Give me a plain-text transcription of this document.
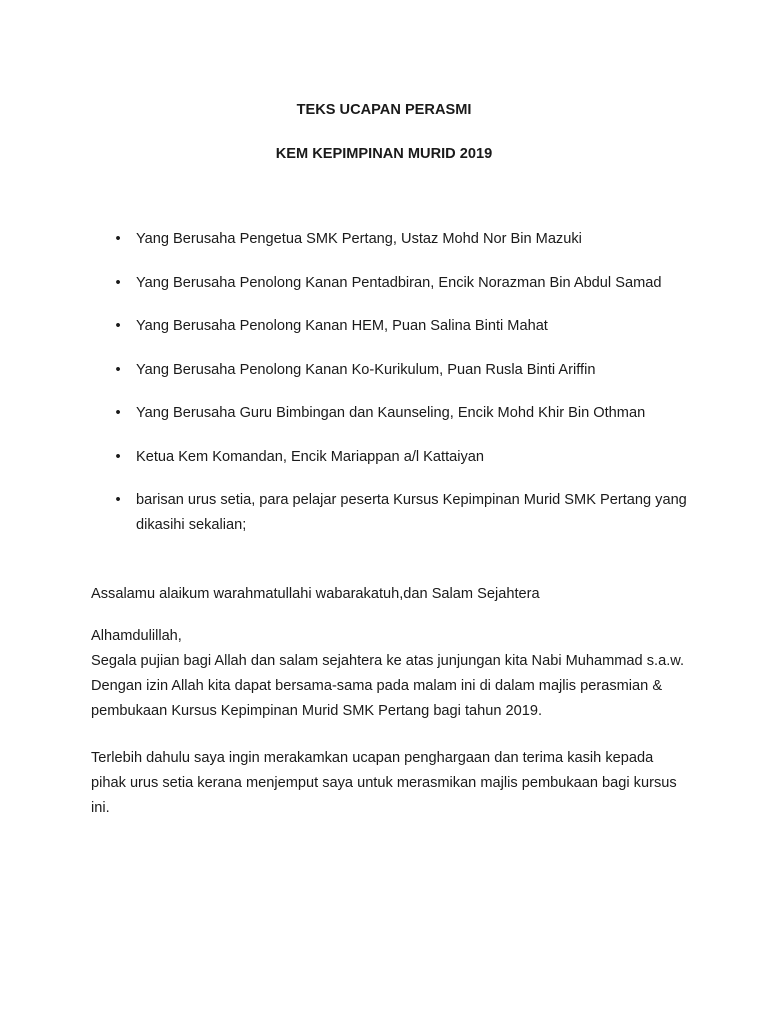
TEKS UCAPAN PERASMI
KEM KEPIMPINAN MURID 2019
• Yang Berusaha Pengetua SMK Pertang, Ustaz Mohd Nor Bin Mazuki
• Yang Berusaha Penolong Kanan Pentadbiran, Encik Norazman Bin Abdul Samad
• Yang Berusaha Penolong Kanan HEM, Puan Salina Binti Mahat
• Yang Berusaha Penolong Kanan Ko-Kurikulum, Puan Rusla Binti Ariffin
• Yang Berusaha Guru Bimbingan dan Kaunseling, Encik Mohd Khir Bin Othman
• Ketua Kem Komandan, Encik Mariappan a/l Kattaiyan
• barisan urus setia, para pelajar peserta Kursus Kepimpinan Murid SMK Pertang yang dikasihi sekalian;

Assalamu alaikum warahmatullahi wabarakatuh,dan Salam Sejahtera

Alhamdulillah,
Segala pujian bagi Allah dan salam sejahtera ke atas junjungan kita Nabi Muhammad s.a.w. Dengan izin Allah kita dapat bersama-sama pada malam ini di dalam majlis perasmian & pembukaan Kursus Kepimpinan Murid SMK Pertang bagi tahun 2019.

Terlebih dahulu saya ingin merakamkan ucapan penghargaan dan terima kasih kepada pihak urus setia kerana menjemput saya untuk merasmikan majlis pembukaan bagi kursus ini.
